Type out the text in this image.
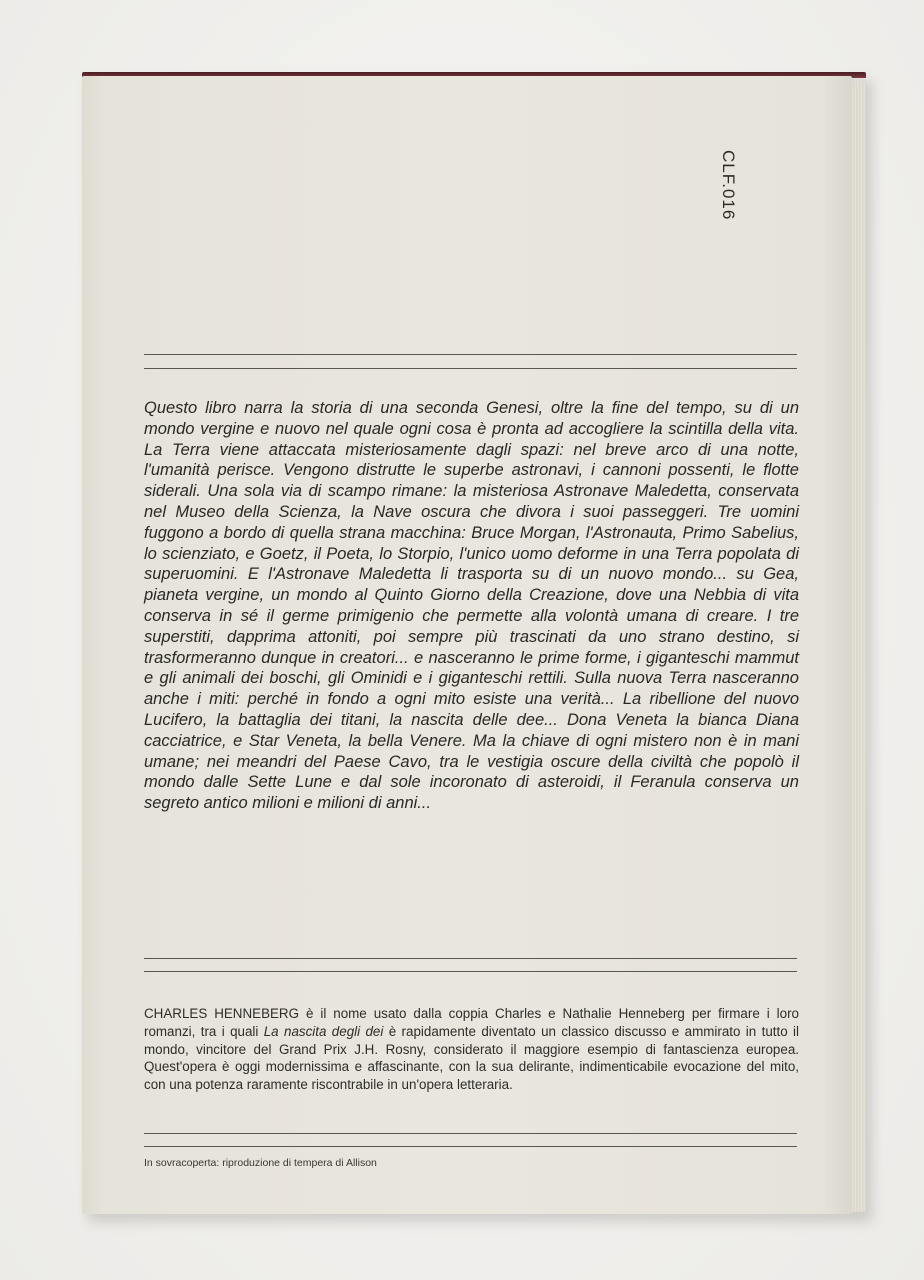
CLF.016

Questo libro narra la storia di una seconda Genesi, oltre la fine del tempo, su di un mondo vergine e nuovo nel quale ogni cosa è pronta ad accogliere la scintilla della vita. La Terra viene attaccata misteriosamente dagli spazi: nel breve arco di una notte, l'umanità perisce. Vengono distrutte le superbe astronavi, i cannoni possenti, le flotte siderali. Una sola via di scampo rimane: la misteriosa Astronave Maledetta, conservata nel Museo della Scienza, la Nave oscura che divora i suoi passeggeri. Tre uomini fuggono a bordo di quella strana macchina: Bruce Morgan, l'Astronauta, Primo Sabelius, lo scienziato, e Goetz, il Poeta, lo Storpio, l'unico uomo deforme in una Terra popolata di superuomini. E l'Astronave Maledetta li trasporta su di un nuovo mondo... su Gea, pianeta vergine, un mondo al Quinto Giorno della Creazione, dove una Nebbia di vita conserva in sé il germe primigenio che permette alla volontà umana di creare. I tre superstiti, dapprima attoniti, poi sempre più trascinati da uno strano destino, si trasformeranno dunque in creatori... e nasceranno le prime forme, i giganteschi mammut e gli animali dei boschi, gli Ominidi e i giganteschi rettili. Sulla nuova Terra nasceranno anche i miti: perché in fondo a ogni mito esiste una verità... La ribellione del nuovo Lucifero, la battaglia dei titani, la nascita delle dee... Dona Veneta la bianca Diana cacciatrice, e Star Veneta, la bella Venere. Ma la chiave di ogni mistero non è in mani umane; nei meandri del Paese Cavo, tra le vestigia oscure della civiltà che popolò il mondo dalle Sette Lune e dal sole incoronato di asteroidi, il Feranula conserva un segreto antico milioni e milioni di anni...

CHARLES HENNEBERG è il nome usato dalla coppia Charles e Nathalie Henneberg per firmare i loro romanzi, tra i quali La nascita degli dei è rapidamente diventato un classico discusso e ammirato in tutto il mondo, vincitore del Grand Prix J.H. Rosny, considerato il maggiore esempio di fantascienza europea. Quest'opera è oggi modernissima e affascinante, con la sua delirante, indimenticabile evocazione del mito, con una potenza raramente riscontrabile in un'opera letteraria.

In sovracoperta: riproduzione di tempera di Allison
